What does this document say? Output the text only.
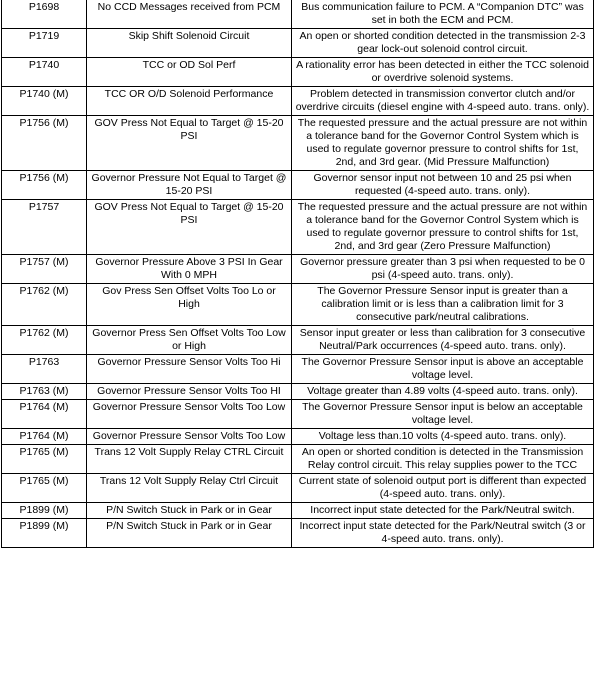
P1698	No CCD Messages received from PCM	Bus communication failure to PCM. A “Companion DTC” was set in both the ECM and PCM.
P1719	Skip Shift Solenoid Circuit	An open or shorted condition detected in the transmission 2-3 gear lock-out solenoid control circuit.
P1740	TCC or OD Sol Perf	A rationality error has been detected in either the TCC solenoid or overdrive solenoid systems.
P1740 (M)	TCC OR O/D Solenoid Performance	Problem detected in transmission convertor clutch and/or overdrive circuits (diesel engine with 4-speed auto. trans. only).
P1756 (M)	GOV Press Not Equal to Target @ 15-20 PSI	The requested pressure and the actual pressure are not within a tolerance band for the Governor Control System which is used to regulate governor pressure to control shifts for 1st, 2nd, and 3rd gear. (Mid Pressure Malfunction)
P1756 (M)	Governor Pressure Not Equal to Target @ 15-20 PSI	Governor sensor input not between 10 and 25 psi when requested (4-speed auto. trans. only).
P1757	GOV Press Not Equal to Target @ 15-20 PSI	The requested pressure and the actual pressure are not within a tolerance band for the Governor Control System which is used to regulate governor pressure to control shifts for 1st, 2nd, and 3rd gear (Zero Pressure Malfunction)
P1757 (M)	Governor Pressure Above 3 PSI In Gear With 0 MPH	Governor pressure greater than 3 psi when requested to be 0 psi (4-speed auto. trans. only).
P1762 (M)	Gov Press Sen Offset Volts Too Lo or High	The Governor Pressure Sensor input is greater than a calibration limit or is less than a calibration limit for 3 consecutive park/neutral calibrations.
P1762 (M)	Governor Press Sen Offset Volts Too Low or High	Sensor input greater or less than calibration for 3 consecutive Neutral/Park occurrences (4-speed auto. trans. only).
P1763	Governor Pressure Sensor Volts Too Hi	The Governor Pressure Sensor input is above an acceptable voltage level.
P1763 (M)	Governor Pressure Sensor Volts Too HI	Voltage greater than 4.89 volts (4-speed auto. trans. only).
P1764 (M)	Governor Pressure Sensor Volts Too Low	The Governor Pressure Sensor input is below an acceptable voltage level.
P1764 (M)	Governor Pressure Sensor Volts Too Low	Voltage less than.10 volts (4-speed auto. trans. only).
P1765 (M)	Trans 12 Volt Supply Relay CTRL Circuit	An open or shorted condition is detected in the Transmission Relay control circuit. This relay supplies power to the TCC
P1765 (M)	Trans 12 Volt Supply Relay Ctrl Circuit	Current state of solenoid output port is different than expected (4-speed auto. trans. only).
P1899 (M)	P/N Switch Stuck in Park or in Gear	Incorrect input state detected for the Park/Neutral switch.
P1899 (M)	P/N Switch Stuck in Park or in Gear	Incorrect input state detected for the Park/Neutral switch (3 or 4-speed auto. trans. only).
